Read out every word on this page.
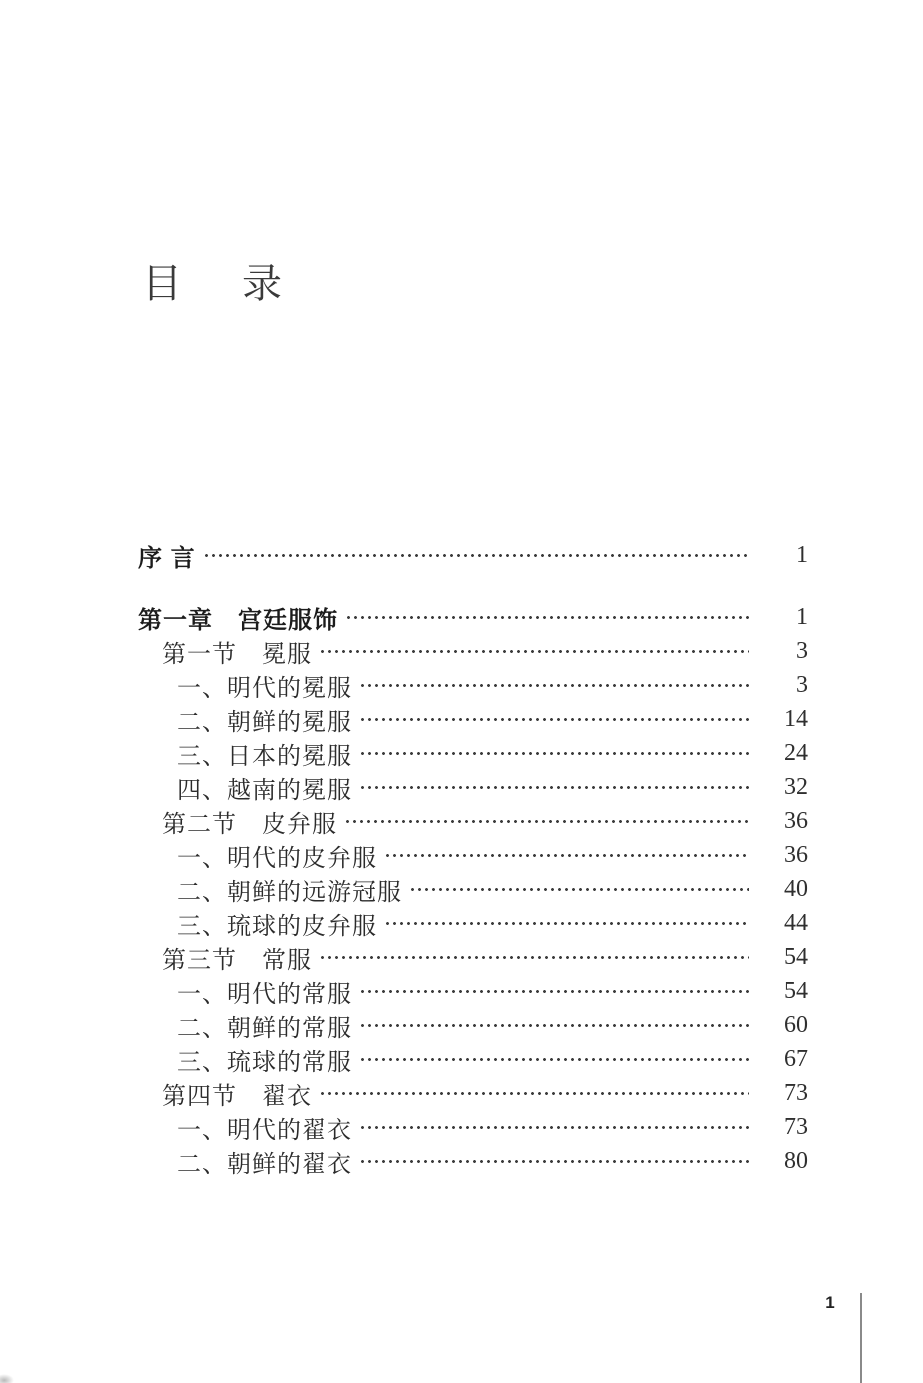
目　录
序 言	1
第一章　宫廷服饰	1
第一节　冕服	3
一、明代的冕服	3
二、朝鲜的冕服	14
三、日本的冕服	24
四、越南的冕服	32
第二节　皮弁服	36
一、明代的皮弁服	36
二、朝鲜的远游冠服	40
三、琉球的皮弁服	44
第三节　常服	54
一、明代的常服	54
二、朝鲜的常服	60
三、琉球的常服	67
第四节　翟衣	73
一、明代的翟衣	73
二、朝鲜的翟衣	80
1
